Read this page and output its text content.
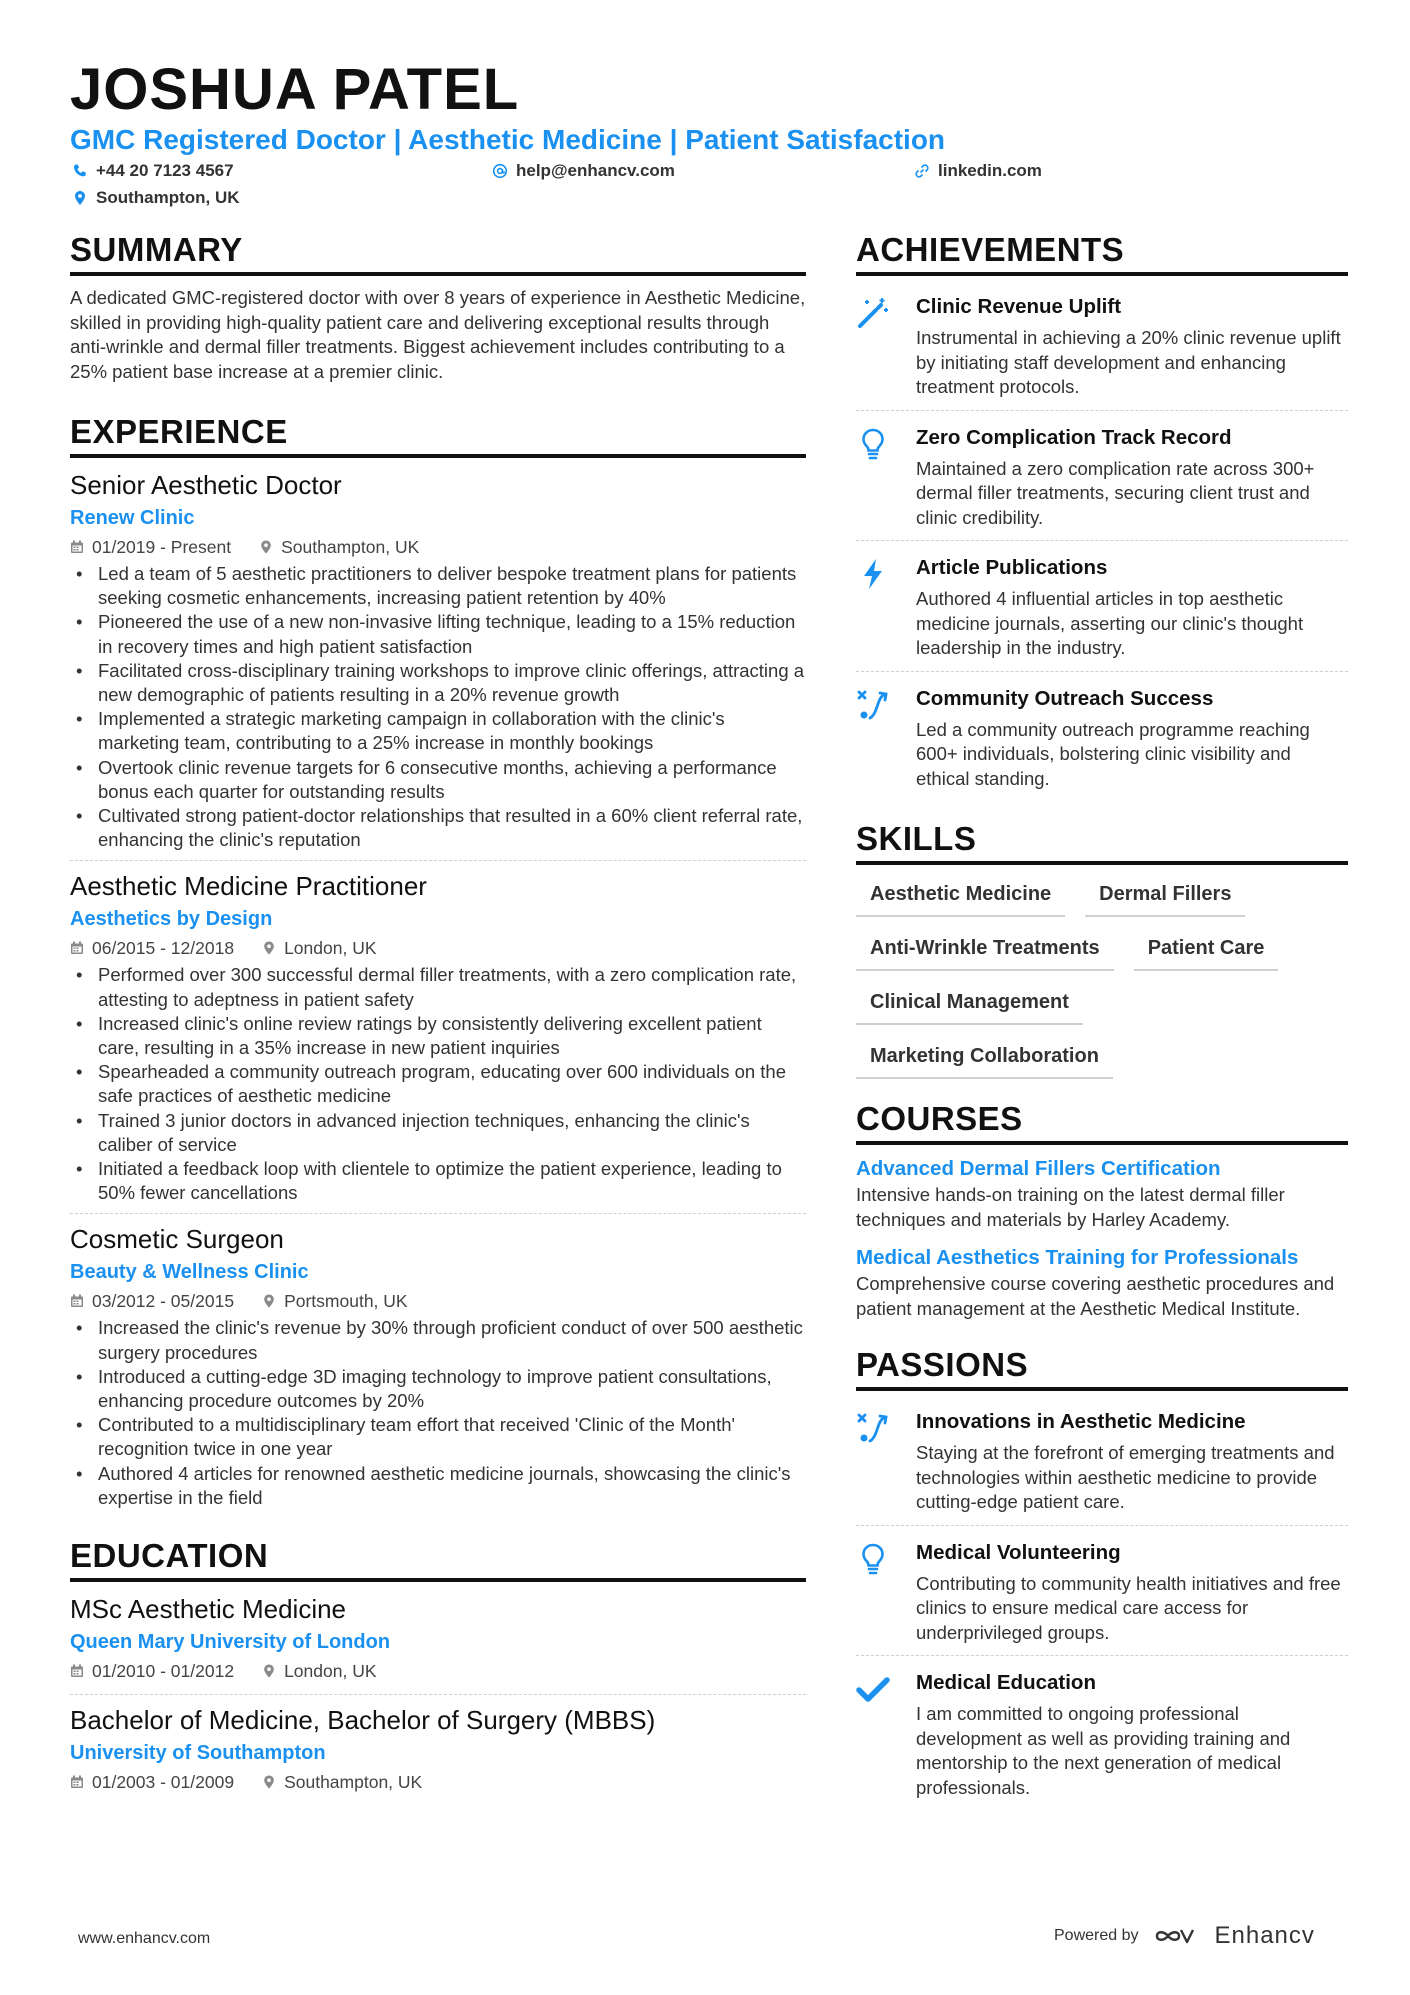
JOSHUA PATEL
GMC Registered Doctor | Aesthetic Medicine | Patient Satisfaction
+44 20 7123 4567	help@enhancv.com	linkedin.com
Southampton, UK
SUMMARY
A dedicated GMC-registered doctor with over 8 years of experience in Aesthetic Medicine, skilled in providing high-quality patient care and delivering exceptional results through anti-wrinkle and dermal filler treatments. Biggest achievement includes contributing to a 25% patient base increase at a premier clinic.
EXPERIENCE
Senior Aesthetic Doctor
Renew Clinic
01/2019 - Present	Southampton, UK
• Led a team of 5 aesthetic practitioners to deliver bespoke treatment plans for patients seeking cosmetic enhancements, increasing patient retention by 40%
• Pioneered the use of a new non-invasive lifting technique, leading to a 15% reduction in recovery times and high patient satisfaction
• Facilitated cross-disciplinary training workshops to improve clinic offerings, attracting a new demographic of patients resulting in a 20% revenue growth
• Implemented a strategic marketing campaign in collaboration with the clinic's marketing team, contributing to a 25% increase in monthly bookings
• Overtook clinic revenue targets for 6 consecutive months, achieving a performance bonus each quarter for outstanding results
• Cultivated strong patient-doctor relationships that resulted in a 60% client referral rate, enhancing the clinic's reputation
Aesthetic Medicine Practitioner
Aesthetics by Design
06/2015 - 12/2018	London, UK
• Performed over 300 successful dermal filler treatments, with a zero complication rate, attesting to adeptness in patient safety
• Increased clinic's online review ratings by consistently delivering excellent patient care, resulting in a 35% increase in new patient inquiries
• Spearheaded a community outreach program, educating over 600 individuals on the safe practices of aesthetic medicine
• Trained 3 junior doctors in advanced injection techniques, enhancing the clinic's caliber of service
• Initiated a feedback loop with clientele to optimize the patient experience, leading to 50% fewer cancellations
Cosmetic Surgeon
Beauty & Wellness Clinic
03/2012 - 05/2015	Portsmouth, UK
• Increased the clinic's revenue by 30% through proficient conduct of over 500 aesthetic surgery procedures
• Introduced a cutting-edge 3D imaging technology to improve patient consultations, enhancing procedure outcomes by 20%
• Contributed to a multidisciplinary team effort that received 'Clinic of the Month' recognition twice in one year
• Authored 4 articles for renowned aesthetic medicine journals, showcasing the clinic's expertise in the field
EDUCATION
MSc Aesthetic Medicine
Queen Mary University of London
01/2010 - 01/2012	London, UK
Bachelor of Medicine, Bachelor of Surgery (MBBS)
University of Southampton
01/2003 - 01/2009	Southampton, UK
ACHIEVEMENTS
Clinic Revenue Uplift
Instrumental in achieving a 20% clinic revenue uplift by initiating staff development and enhancing treatment protocols.
Zero Complication Track Record
Maintained a zero complication rate across 300+ dermal filler treatments, securing client trust and clinic credibility.
Article Publications
Authored 4 influential articles in top aesthetic medicine journals, asserting our clinic's thought leadership in the industry.
Community Outreach Success
Led a community outreach programme reaching 600+ individuals, bolstering clinic visibility and ethical standing.
SKILLS
Aesthetic Medicine	Dermal Fillers
Anti-Wrinkle Treatments	Patient Care
Clinical Management
Marketing Collaboration
COURSES
Advanced Dermal Fillers Certification
Intensive hands-on training on the latest dermal filler techniques and materials by Harley Academy.
Medical Aesthetics Training for Professionals
Comprehensive course covering aesthetic procedures and patient management at the Aesthetic Medical Institute.
PASSIONS
Innovations in Aesthetic Medicine
Staying at the forefront of emerging treatments and technologies within aesthetic medicine to provide cutting-edge patient care.
Medical Volunteering
Contributing to community health initiatives and free clinics to ensure medical care access for underprivileged groups.
Medical Education
I am committed to ongoing professional development as well as providing training and mentorship to the next generation of medical professionals.
www.enhancv.com	Powered by	Enhancv
